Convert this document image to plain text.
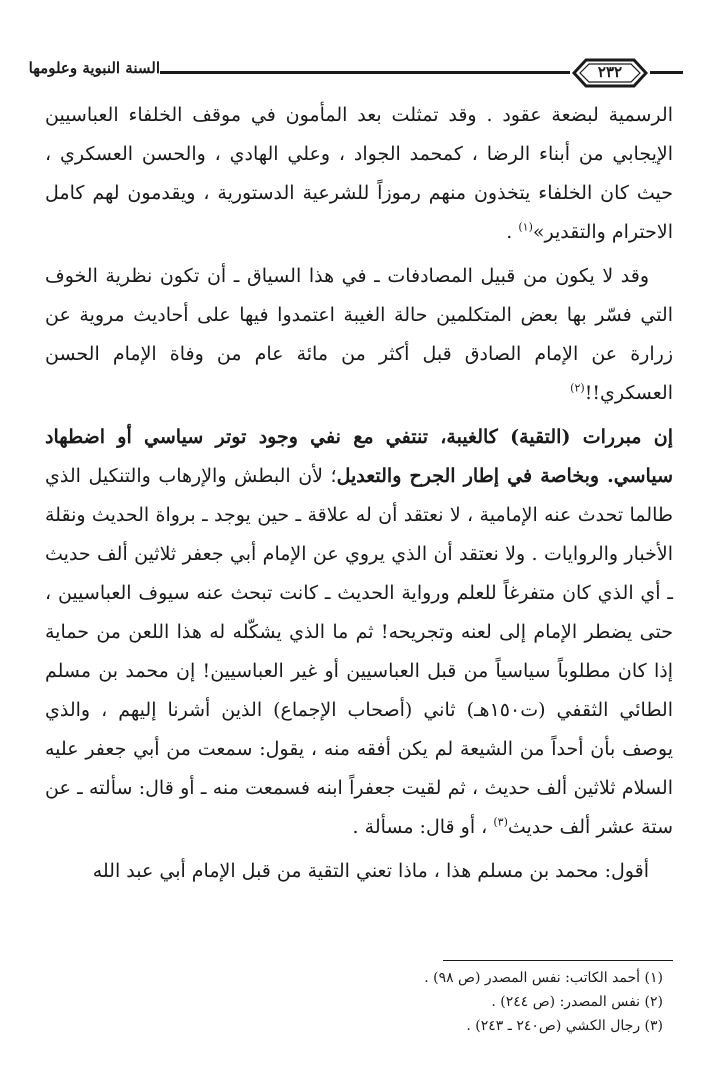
السنة النبوية وعلومها	٢٣٢

الرسمية لبضعة عقود . وقد تمثلت بعد المأمون في موقف الخلفاء العباسيين الإيجابي من أبناء الرضا ، كمحمد الجواد ، وعلي الهادي ، والحسن العسكري ، حيث كان الخلفاء يتخذون منهم رموزاً للشرعية الدستورية ، ويقدمون لهم كامل الاحترام والتقدير»$^{(١)}$ .

وقد لا يكون من قبيل المصادفات ـ في هذا السياق ـ أن تكون نظرية الخوف التي فسّر بها بعض المتكلمين حالة الغيبة اعتمدوا فيها على أحاديث مروية عن زرارة عن الإمام الصادق قبل أكثر من مائة عام من وفاة الإمام الحسن العسكري!!$^{(٢)}$

إن مبررات (التقية) كالغيبة، تنتفي مع نفي وجود توتر سياسي أو اضطهاد سياسي. وبخاصة في إطار الجرح والتعديل؛ لأن البطش والإرهاب والتنكيل الذي طالما تحدث عنه الإمامية ، لا نعتقد أن له علاقة ـ حين يوجد ـ برواة الحديث ونقلة الأخبار والروايات . ولا نعتقد أن الذي يروي عن الإمام أبي جعفر ثلاثين ألف حديث ـ أي الذي كان متفرغاً للعلم ورواية الحديث ـ كانت تبحث عنه سيوف العباسيين ، حتى يضطر الإمام إلى لعنه وتجريحه! ثم ما الذي يشكّله له هذا اللعن من حماية إذا كان مطلوباً سياسياً من قبل العباسيين أو غير العباسيين! إن محمد بن مسلم الطائي الثقفي (ت١٥٠هـ) ثاني (أصحاب الإجماع) الذين أشرنا إليهم ، والذي يوصف بأن أحداً من الشيعة لم يكن أفقه منه ، يقول: سمعت من أبي جعفر عليه السلام ثلاثين ألف حديث ، ثم لقيت جعفراً ابنه فسمعت منه ـ أو قال: سألته ـ عن ستة عشر ألف حديث$^{(٣)}$ ، أو قال: مسألة .

أقول: محمد بن مسلم هذا ، ماذا تعني التقية من قبل الإمام أبي عبد الله

(١) أحمد الكاتب: نفس المصدر (ص ٩٨) .
(٢) نفس المصدر: (ص ٢٤٤) .
(٣) رجال الكشي (ص٢٤٠ ـ ٢٤٣) .
